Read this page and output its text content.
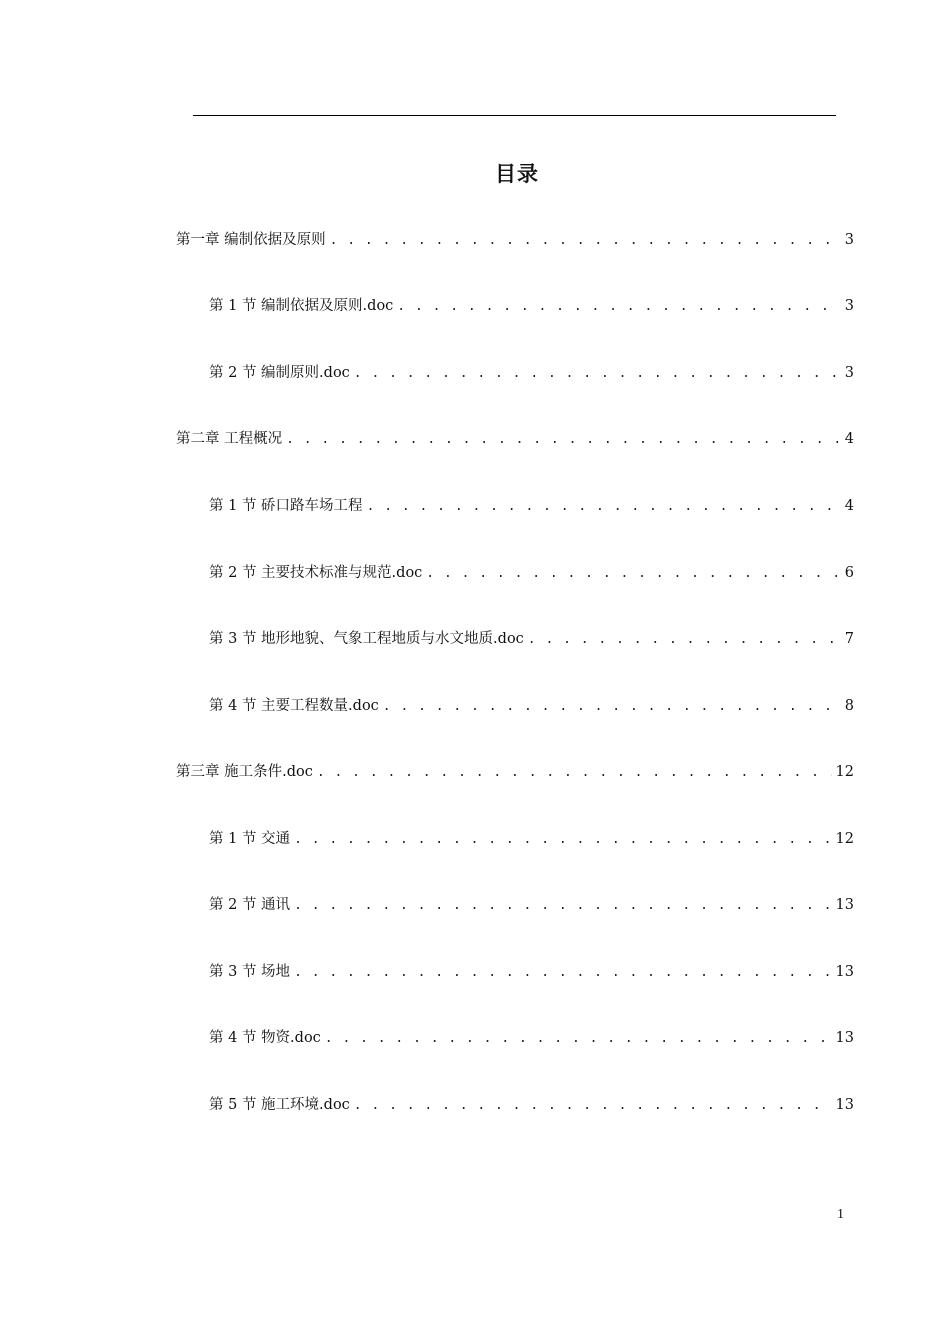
目录
第一章 编制依据及原则 . . .	3
第 1 节 编制依据及原则.doc . . .	3
第 2 节 编制原则.doc . . .	3
第二章 工程概况 . . .	4
第 1 节 硚口路车场工程 . . .	4
第 2 节 主要技术标准与规范.doc . . .	6
第 3 节 地形地貌、气象工程地质与水文地质.doc . . .	7
第 4 节 主要工程数量.doc . . .	8
第三章 施工条件.doc . . .	12
第 1 节 交通 . . .	12
第 2 节 通讯 . . .	13
第 3 节 场地 . . .	13
第 4 节 物资.doc . . .	13
第 5 节 施工环境.doc . . .	13
1
